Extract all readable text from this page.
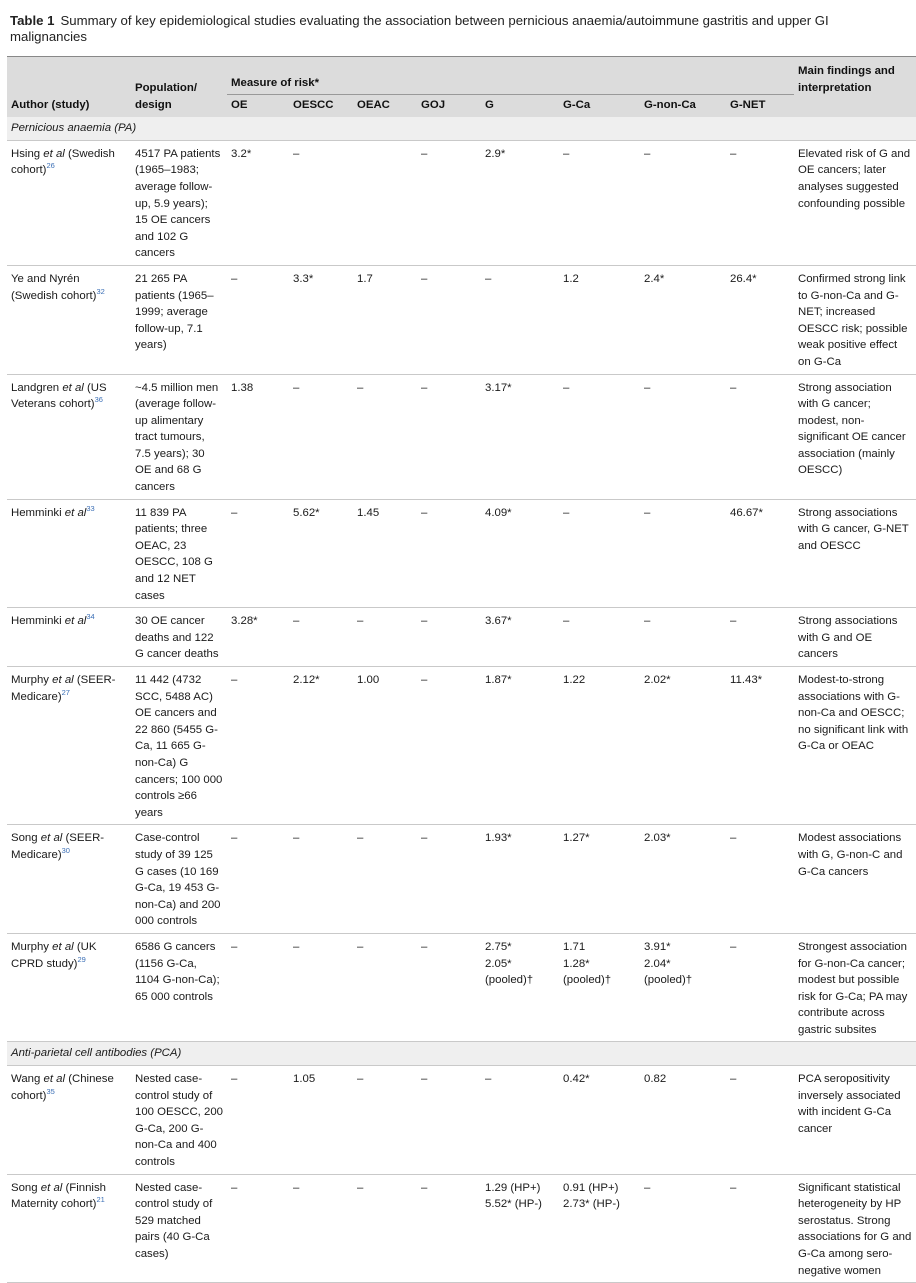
Table 1 Summary of key epidemiological studies evaluating the association between pernicious anaemia/autoimmune gastritis and upper GI malignancies
Author (study)	Population/ design	Measure of risk*								Main findings and interpretation
		OE	OESCC	OEAC	GOJ	G	G-Ca	G-non-Ca	G-NET	
Pernicious anaemia (PA)										
Hsing et al (Swedish cohort)$^{26}$	4517 PA patients (1965–1983; average follow-up, 5.9 years); 15 OE cancers and 102 G cancers	3.2*	–		–	2.9*	–	–	–	Elevated risk of G and OE cancers; later analyses suggested confounding possible
Ye and Nyrén (Swedish cohort)$^{32}$	21 265 PA patients (1965–1999; average follow-up, 7.1 years)	–	3.3*	1.7	–	–	1.2	2.4*	26.4*	Confirmed strong link to G-non-Ca and G-NET; increased OESCC risk; possible weak positive effect on G-Ca
Landgren et al (US Veterans cohort)$^{36}$	~4.5 million men (average follow-up alimentary tract tumours, 7.5 years); 30 OE and 68 G cancers	1.38	–	–	–	3.17*	–	–	–	Strong association with G cancer; modest, non-significant OE cancer association (mainly OESCC)
Hemminki et $al^{33}$	11 839 PA patients; three OEAC, 23 OESCC, 108 G and 12 NET cases	–	5.62*	1.45	–	4.09*	–	–	46.67*	Strong associations with G cancer, G-NET and OESCC
Hemminki et $al^{34}$	30 OE cancer deaths and 122 G cancer deaths	3.28*	–	–	–	3.67*	–	–	–	Strong associations with G and OE cancers
Murphy et al (SEER-Medicare)$^{27}$	11 442 (4732 SCC, 5488 AC) OE cancers and 22 860 (5455 G-Ca, 11 665 G-non-Ca) G cancers; 100 000 controls ≥66 years	–	2.12*	1.00	–	1.87*	1.22	2.02*	11.43*	Modest-to-strong associations with G-non-Ca and OESCC; no significant link with G-Ca or OEAC
Song et al (SEER-Medicare)$^{30}$	Case-control study of 39 125 G cases (10 169 G-Ca, 19 453 G-non-Ca) and 200 000 controls	–	–	–	–	1.93*	1.27*	2.03*	–	Modest associations with G, G-non-C and G-Ca cancers
Murphy et al (UK CPRD study)$^{29}$	6586 G cancers (1156 G-Ca, 1104 G-non-Ca); 65 000 controls	–	–	–	–	2.75*
2.05*
(pooled)†	1.71
1.28*
(pooled)†	3.91*
2.04*
(pooled)†	–	Strongest association for G-non-Ca cancer; modest but possible risk for G-Ca; PA may contribute across gastric subsites
Anti-parietal cell antibodies (PCA)										
Wang et al (Chinese cohort)$^{35}$	Nested case-control study of 100 OESCC, 200 G-Ca, 200 G-non-Ca and 400 controls	–	1.05	–	–	–	0.42*	0.82	–	PCA seropositivity inversely associated with incident G-Ca cancer
Song et al (Finnish Maternity cohort)$^{21}$	Nested case-control study of 529 matched pairs (40 G-Ca cases)	–	–	–	–	1.29 (HP+)
5.52* (HP-)	0.91 (HP+)
2.73* (HP-)	–	–	Significant statistical heterogeneity by HP serostatus. Strong associations for G and G-Ca among sero-negative women
